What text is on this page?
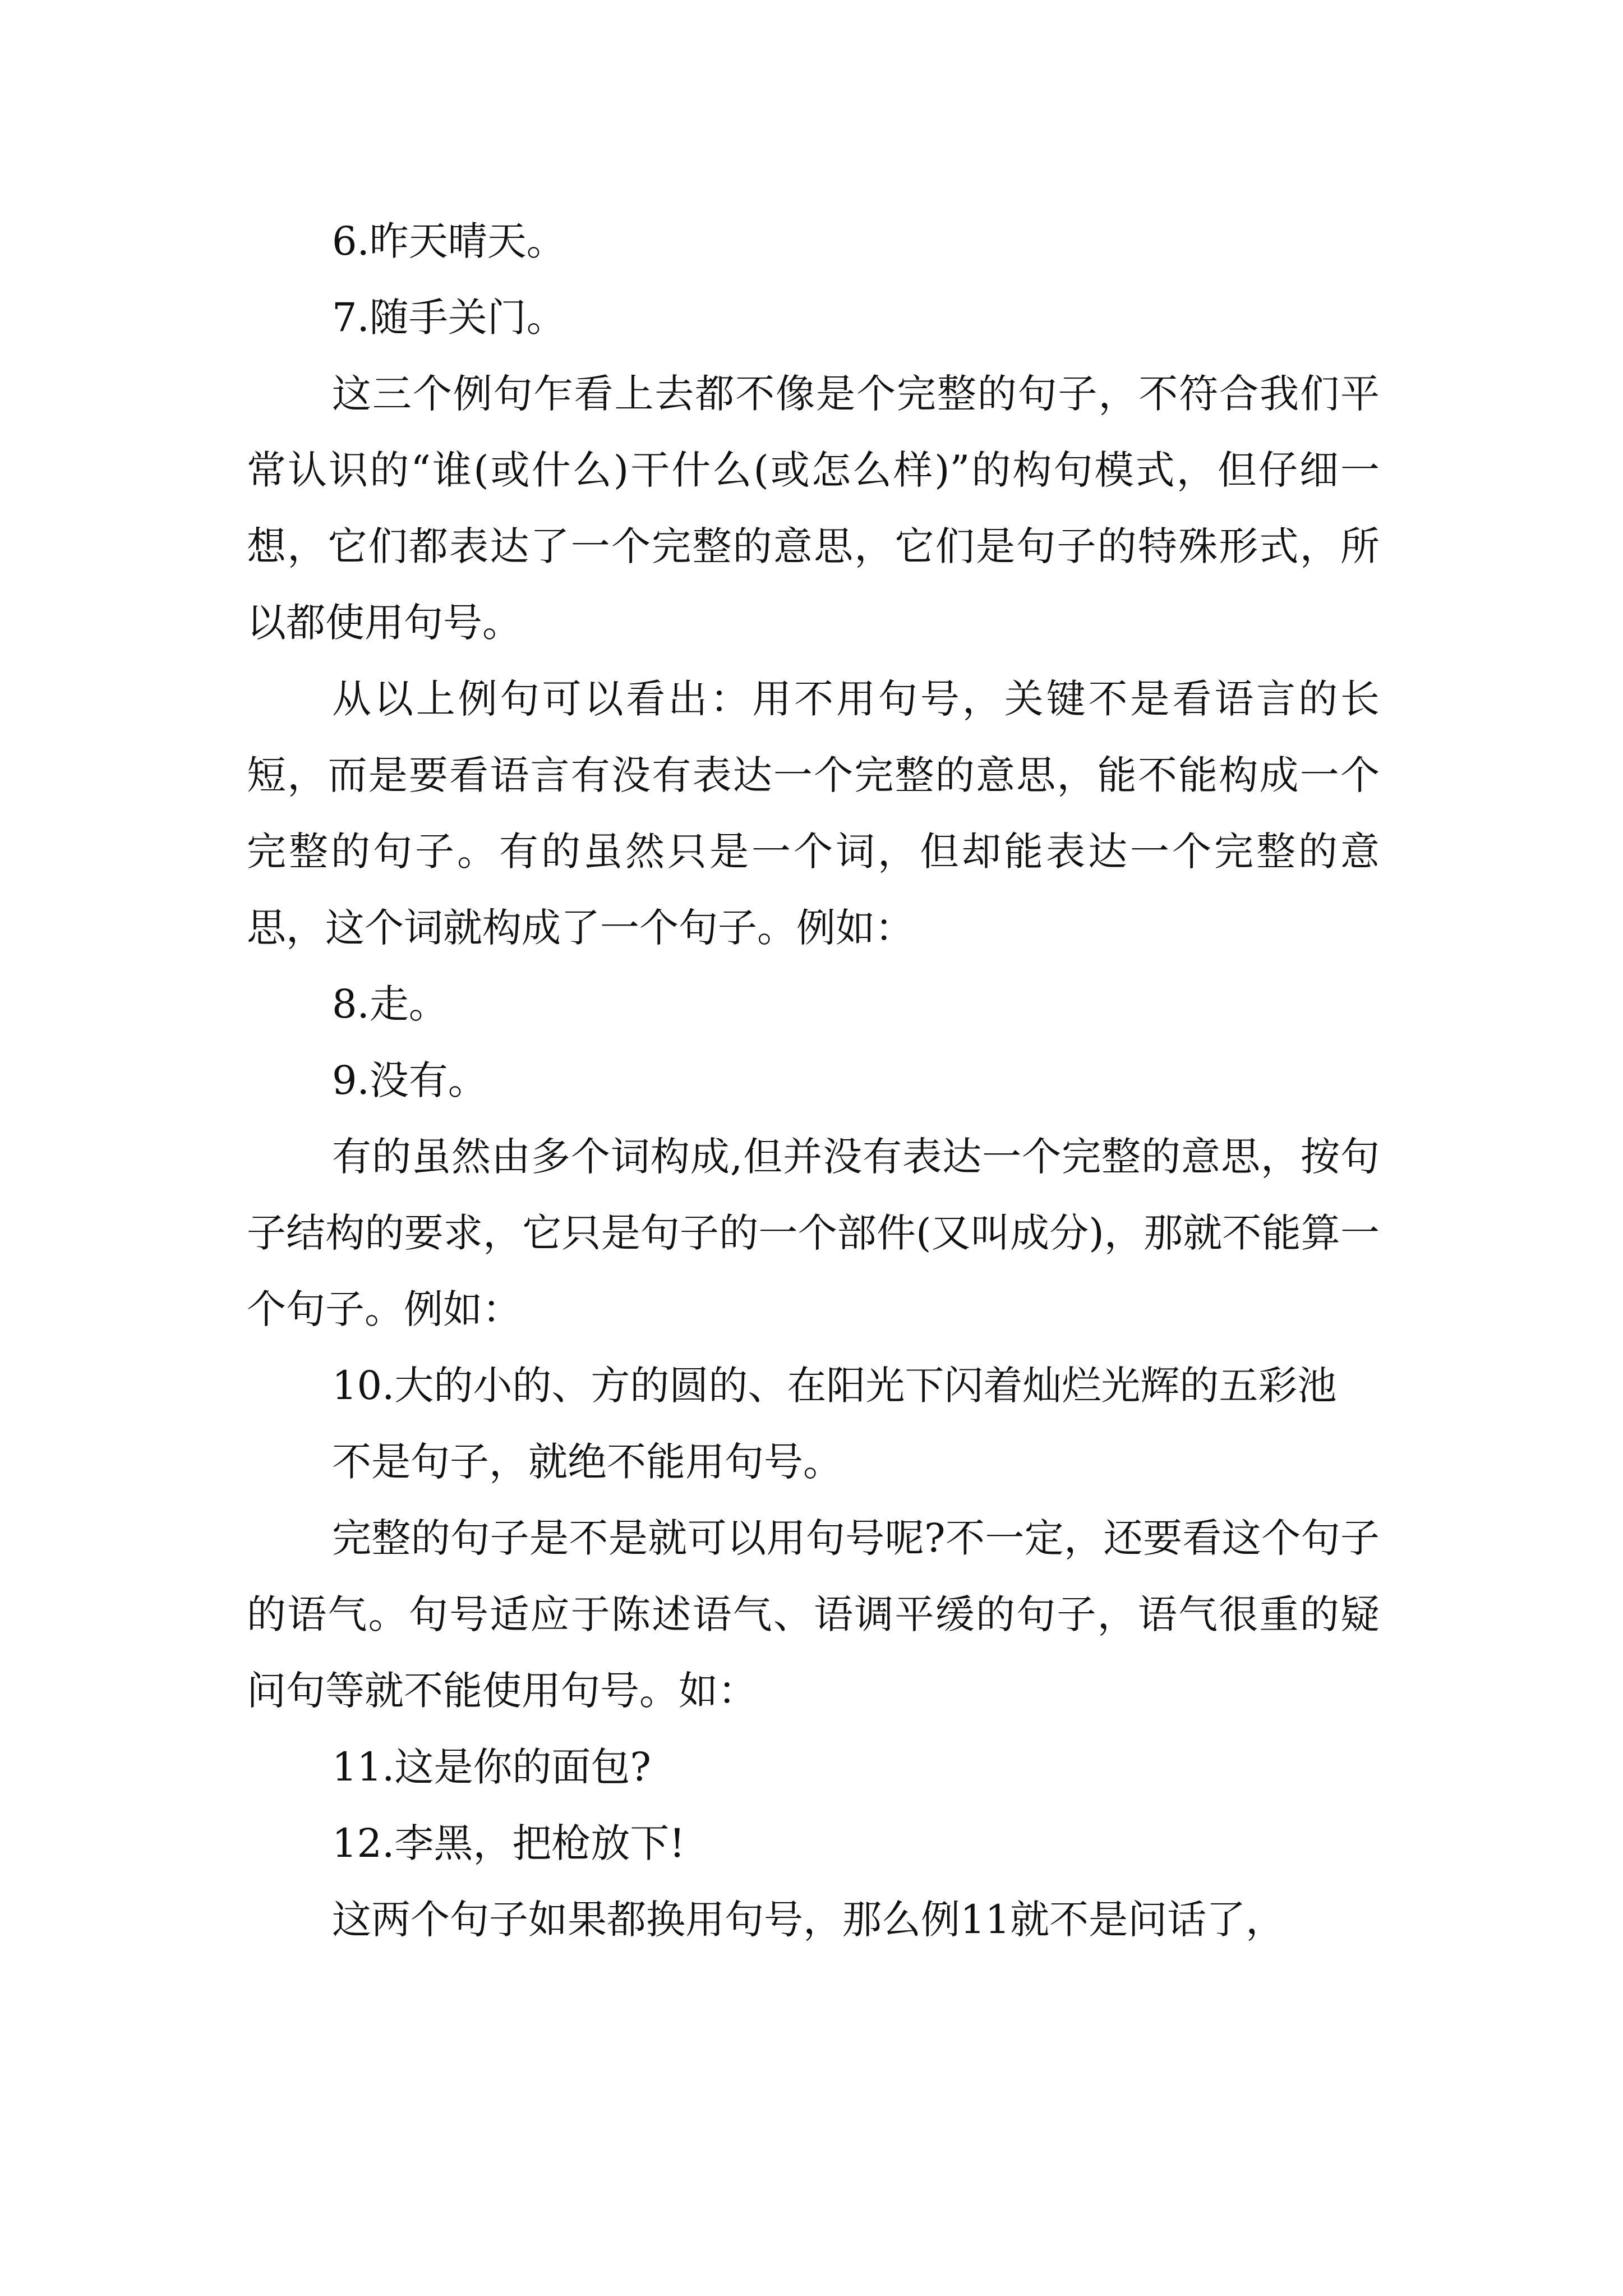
6.昨天晴天。

7.随手关门。

这三个例句乍看上去都不像是个完整的句子，不符合我们平常认识的“谁(或什么)干什么(或怎么样)”的构句模式，但仔细一想，它们都表达了一个完整的意思，它们是句子的特殊形式，所以都使用句号。

从以上例句可以看出：用不用句号，关键不是看语言的长短，而是要看语言有没有表达一个完整的意思，能不能构成一个完整的句子。有的虽然只是一个词，但却能表达一个完整的意思，这个词就构成了一个句子。例如：

8.走。

9.没有。

有的虽然由多个词构成,但并没有表达一个完整的意思，按句子结构的要求，它只是句子的一个部件(又叫成分)，那就不能算一个句子。例如：

10.大的小的、方的圆的、在阳光下闪着灿烂光辉的五彩池

不是句子，就绝不能用句号。

完整的句子是不是就可以用句号呢?不一定，还要看这个句子的语气。句号适应于陈述语气、语调平缓的句子，语气很重的疑问句等就不能使用句号。如：

11.这是你的面包?

12.李黑，把枪放下!

这两个句子如果都换用句号，那么例11就不是问话了，
